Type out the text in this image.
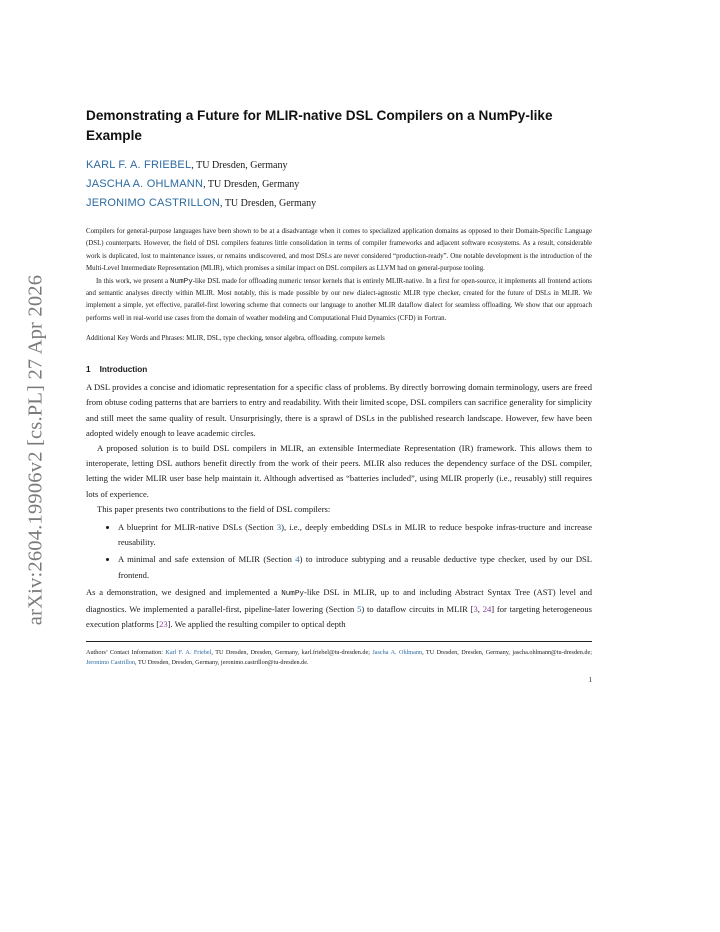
arXiv:2604.19906v2 [cs.PL] 27 Apr 2026
Demonstrating a Future for MLIR-native DSL Compilers on a NumPy-like Example

KARL F. A. FRIEBEL, TU Dresden, Germany

JASCHA A. OHLMANN, TU Dresden, Germany

JERONIMO CASTRILLON, TU Dresden, Germany

Compilers for general-purpose languages have been shown to be at a disadvantage when it comes to specialized application domains as opposed to their Domain-Specific Language (DSL) counterparts. However, the field of DSL compilers features little consolidation in terms of compiler frameworks and adjacent software ecosystems. As a result, considerable work is duplicated, lost to maintenance issues, or remains undiscovered, and most DSLs are never considered “production-ready”. One notable development is the introduction of the Multi-Level Intermediate Representation (MLIR), which promises a similar impact on DSL compilers as LLVM had on general-purpose tooling.

In this work, we present a NumPy-like DSL made for offloading numeric tensor kernels that is entirely MLIR-native. In a first for open-source, it implements all frontend actions and semantic analyses directly within MLIR. Most notably, this is made possible by our new dialect-agnostic MLIR type checker, created for the future of DSLs in MLIR. We implement a simple, yet effective, parallel-first lowering scheme that connects our language to another MLIR dataflow dialect for seamless offloading. We show that our approach performs well in real-world use cases from the domain of weather modeling and Computational Fluid Dynamics (CFD) in Fortran.

Additional Key Words and Phrases: MLIR, DSL, type checking, tensor algebra, offloading, compute kernels

1 Introduction

A DSL provides a concise and idiomatic representation for a specific class of problems. By directly borrowing domain terminology, users are freed from obtuse coding patterns that are barriers to entry and readability. With their limited scope, DSL compilers can sacrifice generality for simplicity and still meet the same quality of result. Unsurprisingly, there is a sprawl of DSLs in the published research landscape. However, few have been adopted widely enough to leave academic circles.

A proposed solution is to build DSL compilers in MLIR, an extensible Intermediate Representation (IR) framework. This allows them to interoperate, letting DSL authors benefit directly from the work of their peers. MLIR also reduces the dependency surface of the DSL compiler, letting the wider MLIR user base help maintain it. Although advertised as “batteries included”, using MLIR properly (i.e., reusably) still requires lots of experience.

This paper presents two contributions to the field of DSL compilers:

• A blueprint for MLIR-native DSLs (Section 3), i.e., deeply embedding DSLs in MLIR to reduce bespoke infras-tructure and increase reusability.
• A minimal and safe extension of MLIR (Section 4) to introduce subtyping and a reusable deductive type checker, used by our DSL frontend.

As a demonstration, we designed and implemented a NumPy-like DSL in MLIR, up to and including Abstract Syntax Tree (AST) level and diagnostics. We implemented a parallel-first, pipeline-later lowering (Section 5) to dataflow circuits in MLIR [3, 24] for targeting heterogeneous execution platforms [23]. We applied the resulting compiler to optical depth

Authors’ Contact Information: Karl F. A. Friebel, TU Dresden, Dresden, Germany, karl.friebel@tu-dresden.de; Jascha A. Ohlmann, TU Dresden, Dresden, Germany, jascha.ohlmann@tu-dresden.de; Jeronimo Castrillon, TU Dresden, Dresden, Germany, jeronimo.castrillon@tu-dresden.de.

1
